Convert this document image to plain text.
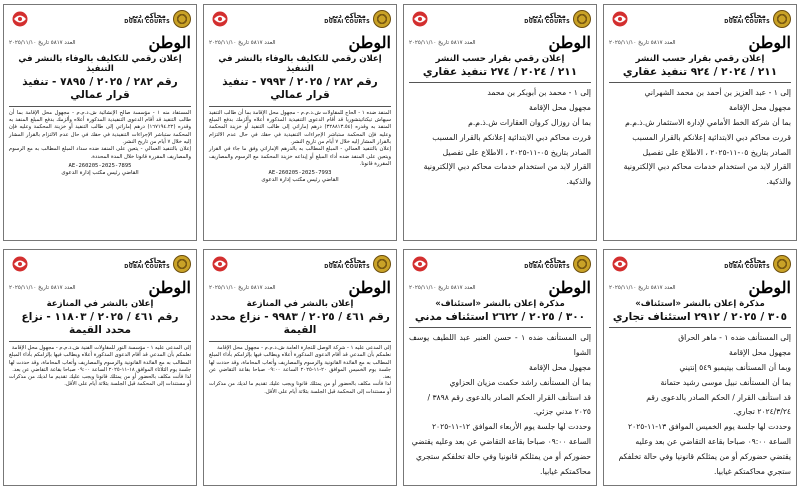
محاكم دبي
DUBAI COURTS
الوطن
العدد ٥٨١٧ تاريخ ٢٠٢٥/١١/١٠
إعلان رقمي للتكليف بالوفاء بالنشر في التنفيذ
رقم ٢٨٢ / ٢٠٢٥ / ٧٨٩٥ - تنفيذ قرار عمالي

المستفاد منه ١ - مؤسسة صالح الإنشائية ش.ذ.م.م - مجهول محل الإقامة بما أن طالب التنفيذ قد أقام الدعوى التنفيذية المذكورة أعلاه وألزمك بدفع المبلغ المنفذ به وقدره (١٦٧١٩٤.٢٢) درهم إماراتي إلى طالب التنفيذ أو خزينة المحكمة وعليه فإن المحكمة ستباشر الإجراءات التنفيذية في حقك في حال عدم الالتزام بالقرار المشار إليه خلال ٧ أيام من تاريخ النشر.

إعلان بالتنفيذ العمالي - يتعين على المنفذ ضده سداد المبلغ المطالب به مع الرسوم والمصاريف المقررة قانونا خلال المدة المحددة.

AE-260205-2025-7895
القاضي رئيس مكتب إدارة الدعوى
محاكم دبي
DUBAI COURTS
الوطن
العدد ٥٨١٧ تاريخ ٢٠٢٥/١١/١٠
إعلان رقمي للتكليف بالوفاء بالنشر في التنفيذ
رقم ٢٨٢ / ٢٠٢٥ / ٧٩٩٣ - تنفيذ قرار عمالي

المنفذ ضده ١ - الحاج للمقاولات ش.ذ.م.م - مجهول محل الإقامة بما أن طالب التنفيذ سيهاش تيكناتيتشوريا قد أقام الدعوى التنفيذية المذكورة أعلاه وألزمك بدفع المبلغ المنفذ به وقدره (٣٢٨٨١٣.٥٤) درهم إماراتي إلى طالب التنفيذ أو خزينة المحكمة وعليه فإن المحكمة ستباشر الإجراءات التنفيذية في حقك في حال عدم الالتزام بالقرار المشار إليه خلال ٧ أيام من تاريخ النشر.

إعلان بالتنفيذ العمالي - المبلغ المطالب به بالدرهم الإماراتي وفق ما جاء في القرار ويتعين على المنفذ ضده أداء المبلغ أو إيداعه خزينة المحكمة مع الرسوم والمصاريف المقررة قانونا.

AE-260205-2025-7993
القاضي رئيس مكتب إدارة الدعوى
محاكم دبي
DUBAI COURTS
الوطن
العدد ٥٨١٧ تاريخ ٢٠٢٥/١١/١٠
إعلان رقمي بقرار حسب النشر
٢١١ / ٢٠٢٤ / ٢٧٤ تنفيذ عقاري

إلى ١ - محمد بن أبوبكر بن محمد

مجهول محل الإقامة

بما أن روزال كروان العقارات ش.ذ.م.م

قررت محاكم دبي الابتدائية إعلانكم بالقرار المسبب

الصادر بتاريخ ٠٥-١١-٢٠٢٥ ، الاطلاع على تفصيل

القرار لابد من استخدام خدمات محاكم دبي الإلكترونية

والذكية.

محاكم دبي
DUBAI COURTS
الوطن
العدد ٥٨١٧ تاريخ ٢٠٢٥/١١/١٠
إعلان رقمي بقرار حسب النشر
٢١١ / ٢٠٢٤ / ٩٢٤ تنفيذ عقاري

إلى ١ - عبد العزيز بن أحمد بن محمد الشهراني

مجهول محل الإقامة

بما أن شركة الخط الأمامي لإدارة الاستثمار ش.ذ.م.م

قررت محاكم دبي الابتدائية إعلانكم بالقرار المسبب

الصادر بتاريخ ٠٥-١١-٢٠٢٥ ، الاطلاع على تفصيل

القرار لابد من استخدام خدمات محاكم دبي الإلكترونية

والذكية.

محاكم دبي
DUBAI COURTS
الوطن
العدد ٥٨١٧ تاريخ ٢٠٢٥/١١/١٠
إعلان بالنشر في المنازعة
رقم ٤٦١ / ٢٠٢٥ / ١١٨٠٣ - نزاع محدد القيمة

إلى المدعى عليه ١ - مؤسسة النور للمقاولات الفنية ش.ذ.م.م - مجهول محل الإقامة

نعلمكم بأن المدعي قد أقام الدعوى المذكورة أعلاه ويطالب فيها بإلزامكم بأداء المبلغ المطالب به مع الفائدة القانونية والرسوم والمصاريف وأتعاب المحاماة، وقد حددت لها جلسة يوم الثلاثاء الموافق ١٨-١١-٢٠٢٥ الساعة ٠٩:٠٠ صباحا بقاعة التقاضي عن بعد.

لذا فأنت مكلف بالحضور أو من يمثلك قانونا ويجب عليك تقديم ما لديك من مذكرات أو مستندات إلى المحكمة قبل الجلسة بثلاثة أيام على الأقل.

محاكم دبي
DUBAI COURTS
الوطن
العدد ٥٨١٧ تاريخ ٢٠٢٥/١١/١٠
إعلان بالنشر في المنازعة
رقم ٤٦١ / ٢٠٢٥ / ٩٩٨٣ - نزاع محدد القيمة

إلى المدعى عليه ١ - شركة الوصل للتجارة العامة ش.ذ.م.م - مجهول محل الإقامة

نعلمكم بأن المدعي قد أقام الدعوى المذكورة أعلاه ويطالب فيها بإلزامكم بأداء المبلغ المطالب به مع الفائدة القانونية والرسوم والمصاريف وأتعاب المحاماة، وقد حددت لها جلسة يوم الخميس الموافق ٢٠-١١-٢٠٢٥ الساعة ٠٩:٠٠ صباحا بقاعة التقاضي عن بعد.

لذا فأنت مكلف بالحضور أو من يمثلك قانونا ويجب عليك تقديم ما لديك من مذكرات أو مستندات إلى المحكمة قبل الجلسة بثلاثة أيام على الأقل.

محاكم دبي
DUBAI COURTS
الوطن
العدد ٥٨١٧ تاريخ ٢٠٢٥/١١/١٠
مذكرة إعلان بالنشر «استئناف»
٣٠٠ / ٢٠٢٥ / ٢٦٢٢ استئناف مدني

إلى المستأنف ضده ١ - حسن العنبر عبد اللطيف يوسف الشوا

مجهول محل الإقامة

بما أن المستأنف راشد حكمت مزيان الحزاوي

قد استأنف القرار الحكم الصادر بالدعوى رقم ٣٨٩٨ /

٢٠٢٥ مدني جزئي.

وحددت لها جلسة يوم الأربعاء الموافق ١٢-١١-٢٠٢٥

الساعة ٠٩:٠٠ صباحا بقاعة التقاضي عن بعد وعليه يقتضي

حضوركم أو من يمثلكم قانونيا وفي حالة تخلفكم ستجري

محاكمتكم غيابيا.

محاكم دبي
DUBAI COURTS
الوطن
العدد ٥٨١٧ تاريخ ٢٠٢٥/١١/١٠
مذكرة إعلان بالنشر «استئناف»
٣٠٥ / ٢٠٢٥ / ٢٩١٢ استئناف تجاري

إلى المستأنف ضده ١ - ماهر الحراق

مجهول محل الإقامة

وبما أن المستأنف بيتيمبو ٥٤٩ إنتيني

بما أن المستأنف نبيل موسى رشيد حتمانة

قد استأنف القرار / الحكم الصادر بالدعوى رقم

٢٠٢٤/٣/٢٤ تجاري.

وحددت لها جلسة يوم الخميس الموافق ١٣-١١-٢٠٢٥

الساعة ٠٩:٠٠ صباحا بقاعة التقاضي عن بعد وعليه

يقتضي حضوركم أو من يمثلكم قانونيا وفي حالة تخلفكم

ستجري محاكمتكم غيابيا.
